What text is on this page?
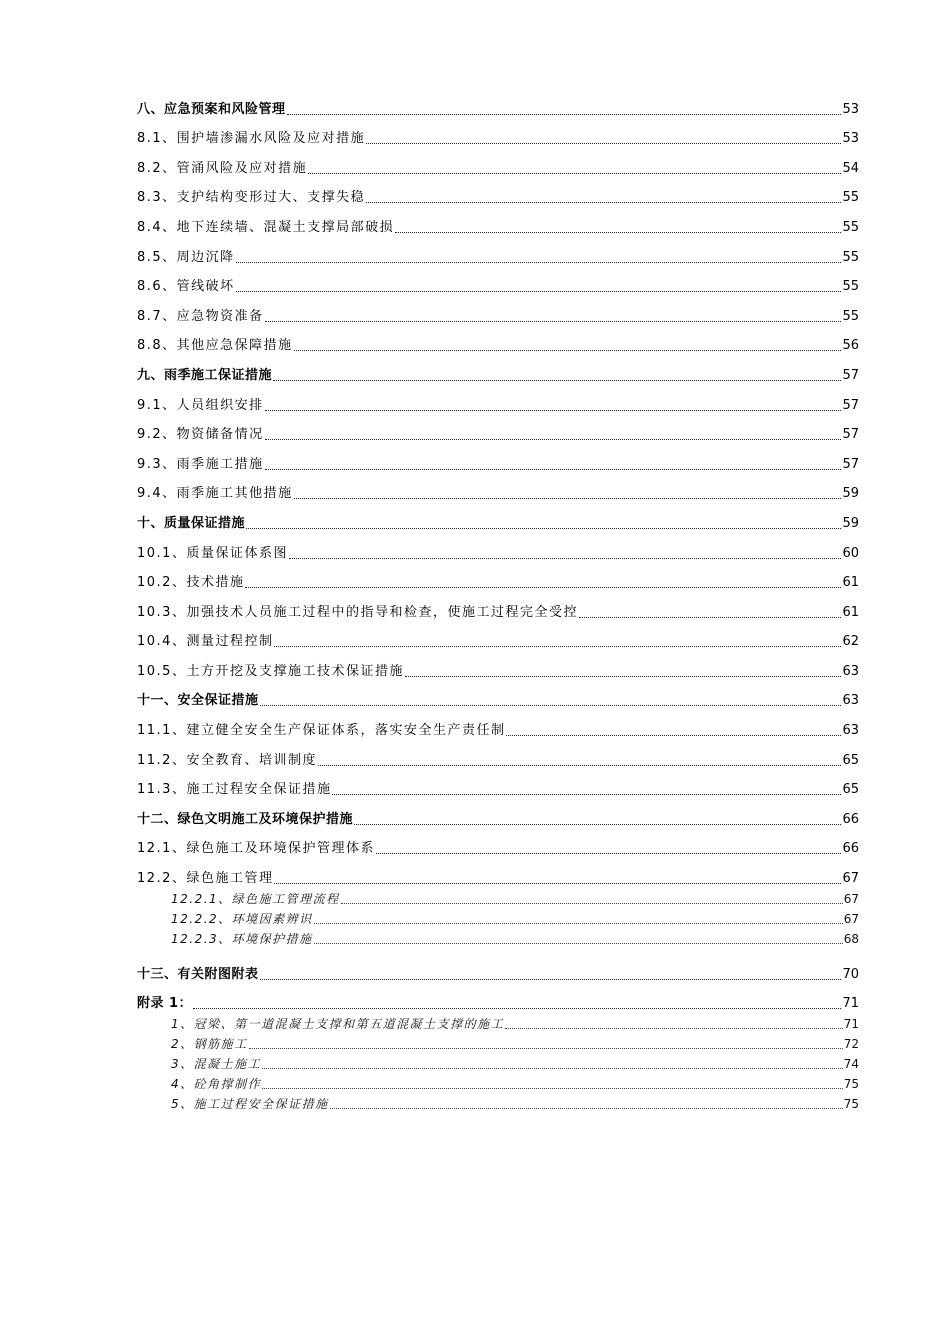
八、应急预案和风险管理	53
8.1、围护墙渗漏水风险及应对措施	53
8.2、管涌风险及应对措施	54
8.3、支护结构变形过大、支撑失稳	55
8.4、地下连续墙、混凝土支撑局部破损	55
8.5、周边沉降	55
8.6、管线破坏	55
8.7、应急物资准备	55
8.8、其他应急保障措施	56
九、雨季施工保证措施	57
9.1、人员组织安排	57
9.2、物资储备情况	57
9.3、雨季施工措施	57
9.4、雨季施工其他措施	59
十、质量保证措施	59
10.1、质量保证体系图	60
10.2、技术措施	61
10.3、加强技术人员施工过程中的指导和检查，使施工过程完全受控	61
10.4、测量过程控制	62
10.5、土方开挖及支撑施工技术保证措施	63
十一、安全保证措施	63
11.1、建立健全安全生产保证体系，落实安全生产责任制	63
11.2、安全教育、培训制度	65
11.3、施工过程安全保证措施	65
十二、绿色文明施工及环境保护措施	66
12.1、绿色施工及环境保护管理体系	66
12.2、绿色施工管理	67
12.2.1、绿色施工管理流程	67
12.2.2、环境因素辨识	67
12.2.3、环境保护措施	68
十三、有关附图附表	70
附录 1：	71
1、冠梁、第一道混凝土支撑和第五道混凝土支撑的施工	71
2、钢筋施工	72
3、混凝土施工	74
4、砼角撑制作	75
5、施工过程安全保证措施	75
